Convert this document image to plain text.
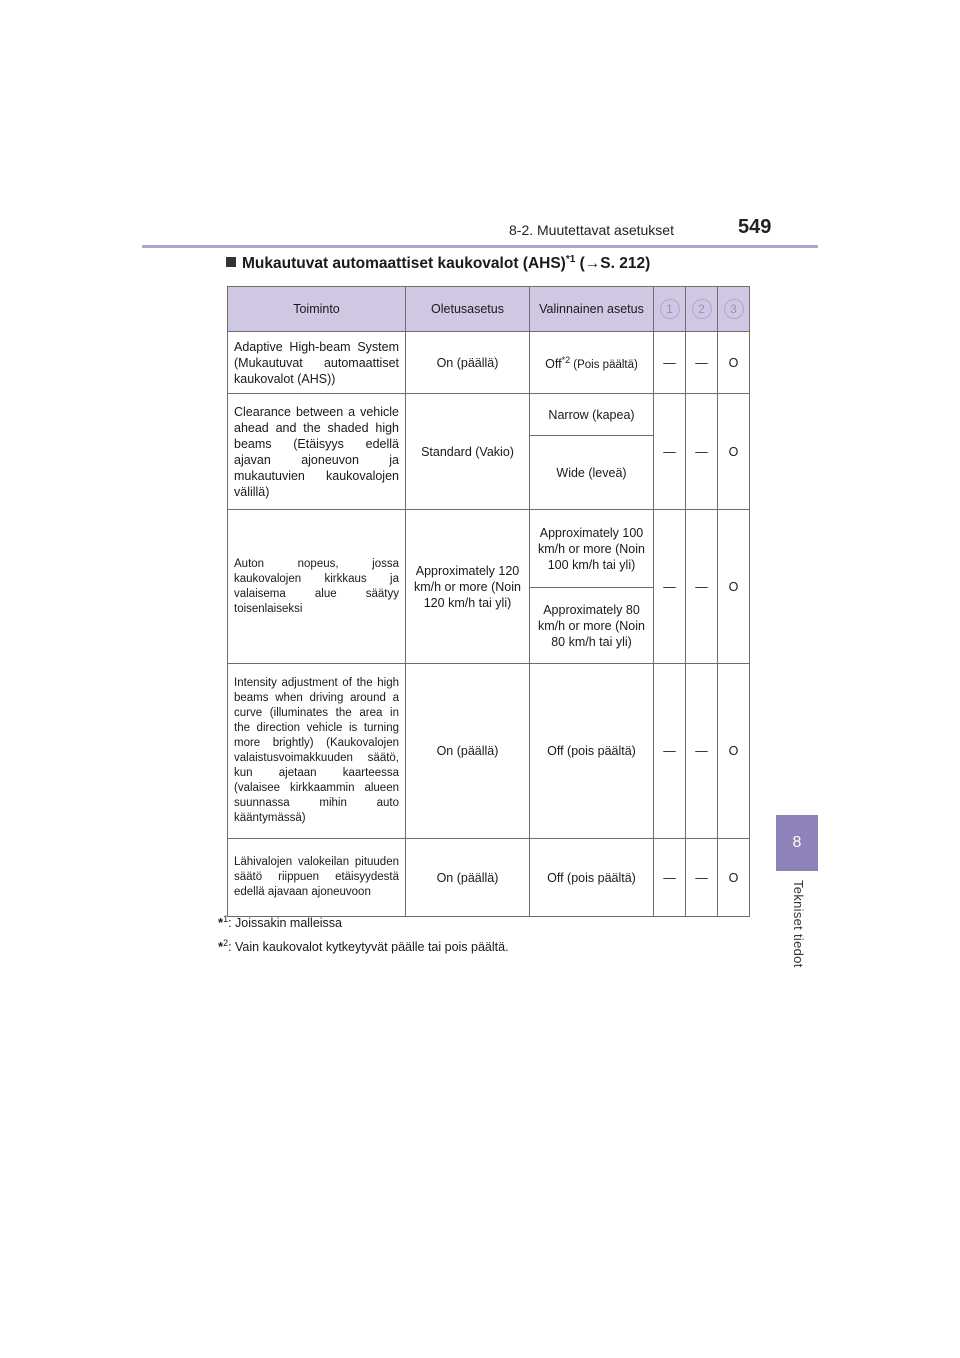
8-2. Muutettavat asetukset	549
8
Tekniset tiedot
Mukautuvat automaattiset kaukovalot (AHS)$^{*1}$ (→S. 212)
Toiminto	Oletusasetus	Valinnainen asetus	1	2	3
Adaptive High-beam System (Mukautuvat automaattiset kaukovalot (AHS))	On (päällä)	Off$^{*2}$ (Pois päältä)	—	—	O
Clearance between a vehicle ahead and the shaded high beams (Etäisyys edellä ajavan ajoneuvon ja mukautuvien kaukovalojen välillä)	Standard (Vakio)	Narrow (kapea)	—	—	O
		Wide (leveä)			
Auton nopeus, jossa kaukovalojen kirkkaus ja valaisema alue säätyy toisenlaiseksi	Approximately 120 km/h or more (Noin 120 km/h tai yli)	Approximately 100 km/h or more (Noin 100 km/h tai yli)	—	—	O
		Approximately 80 km/h or more (Noin 80 km/h tai yli)			
Intensity adjustment of the high beams when driving around a curve (illuminates the area in the direction vehicle is turning more brightly) (Kaukovalojen valaistusvoimakkuuden säätö, kun ajetaan kaarteessa (valaisee kirkkaammin alueen suunnassa mihin auto kääntymässä)	On (päällä)	Off (pois päältä)	—	—	O
Lähivalojen valokeilan pituuden säätö riippuen etäisyydestä edellä ajavaan ajoneuvoon	On (päällä)	Off (pois päältä)	—	—	O
*$^1$: Joissakin malleissa
*$^2$: Vain kaukovalot kytkeytyvät päälle tai pois päältä.
